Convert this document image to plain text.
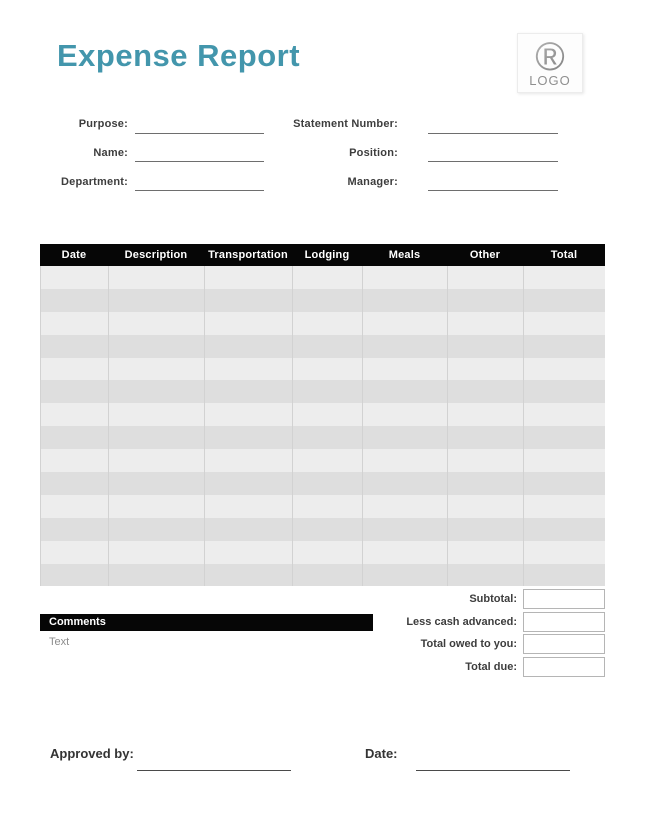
Expense Report	®
LOGO
Purpose:
Name:
Department:
Statement Number:
Position:
Manager:
Date	Description	Transportation	Lodging	Meals	Other	Total
Subtotal:
Less cash advanced:
Total owed to you:
Total due:
Comments
Text
Approved by:	Date:
